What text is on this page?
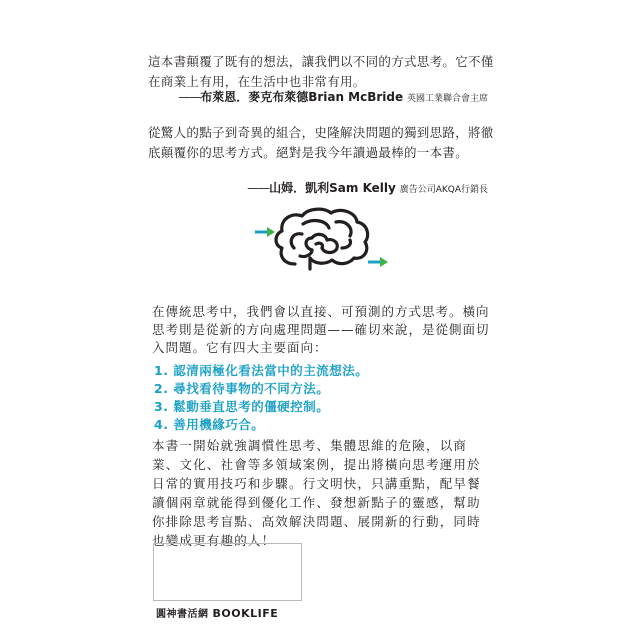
這本書顛覆了既有的想法，讓我們以不同的方式思考。它不僅在商業上有用，在生活中也非常有用。
——布萊恩．麥克布萊德Brian McBride 英國工業聯合會主席
從驚人的點子到奇異的組合，史隆解決問題的獨到思路，將徹底顛覆你的思考方式。絕對是我今年讀過最棒的一本書。
——山姆．凱利Sam Kelly 廣告公司AKQA行銷長
在傳統思考中，我們會以直接、可預測的方式思考。橫向思考則是從新的方向處理問題——確切來說，是從側面切入問題。它有四大主要面向：
1. 認清兩極化看法當中的主流想法。
2. 尋找看待事物的不同方法。
3. 鬆動垂直思考的僵硬控制。
4. 善用機緣巧合。
本書一開始就強調慣性思考、集體思維的危險，以商業、文化、社會等多領域案例，提出將橫向思考運用於日常的實用技巧和步驟。行文明快，只講重點，配早餐讀個兩章就能得到優化工作、發想新點子的靈感，幫助你排除思考盲點、高效解決問題、展開新的行動，同時也變成更有趣的人！
圓神書活網 BOOKLIFE
